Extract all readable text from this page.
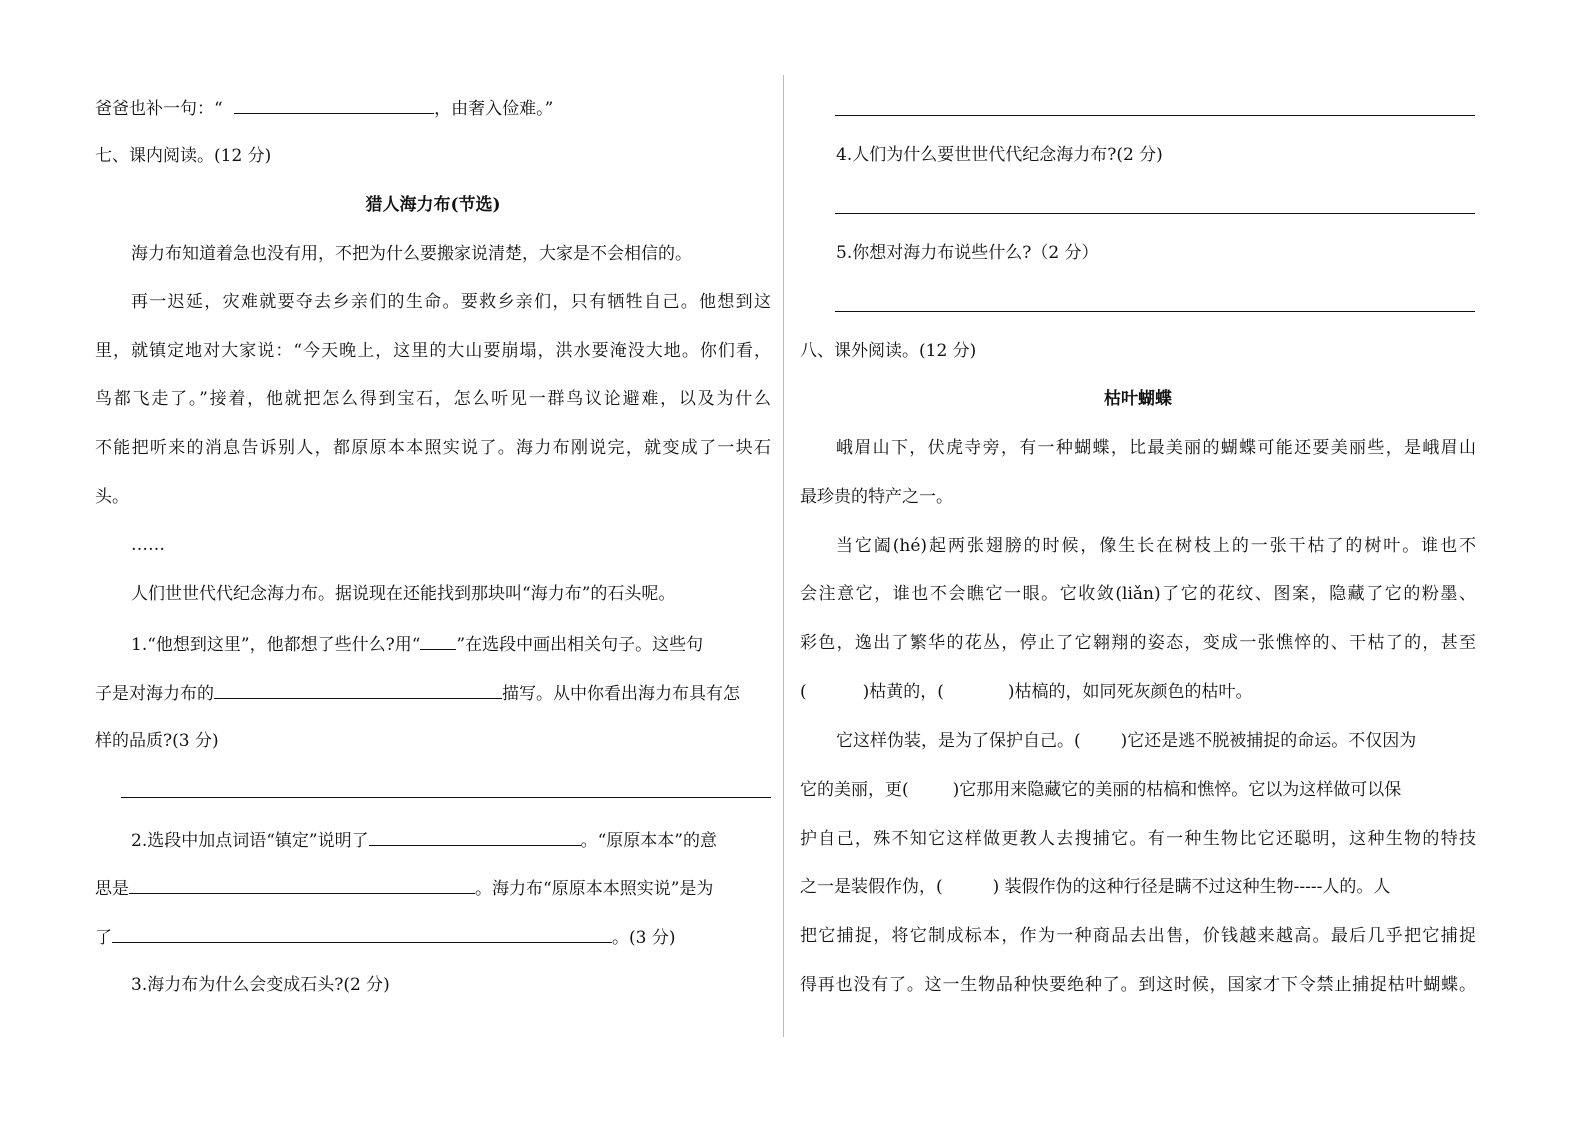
爸爸也补一句：“	，由奢入俭难。”
七、课内阅读。(12 分)
猎人海力布(节选)
海力布知道着急也没有用，不把为什么要搬家说清楚，大家是不会相信的。
再一迟延，灾难就要夺去乡亲们的生命。要救乡亲们，只有牺牲自己。他想到这
里，就镇定地对大家说：“今天晚上，这里的大山要崩塌，洪水要淹没大地。你们看，
鸟都飞走了。”接着，他就把怎么得到宝石，怎么听见一群鸟议论避难，以及为什么
不能把听来的消息告诉别人，都原原本本照实说了。海力布刚说完，就变成了一块石
头。
……
人们世世代代纪念海力布。据说现在还能找到那块叫“海力布”的石头呢。
1.“他想到这里”，他都想了些什么?用“ ”在选段中画出相关句子。这些句
子是对海力布的	描写。从中你看出海力布具有怎
样的品质?(3 分)
2.选段中加点词语“镇定”说明了	。“原原本本”的意
思是	。海力布“原原本本照实说”是为
了	。(3 分)
3.海力布为什么会变成石头?(2 分)
4.人们为什么要世世代代纪念海力布?(2 分)
5.你想对海力布说些什么?（2 分）
八、课外阅读。(12 分)
枯叶蝴蝶
峨眉山下，伏虎寺旁，有一种蝴蝶，比最美丽的蝴蝶可能还要美丽些，是峨眉山
最珍贵的特产之一。
当它阖(hé)起两张翅膀的时候，像生长在树枝上的一张干枯了的树叶。谁也不
会注意它，谁也不会瞧它一眼。它收敛(liǎn)了它的花纹、图案，隐藏了它的粉墨、
彩色，逸出了繁华的花丛，停止了它翱翔的姿态，变成一张憔悴的、干枯了的，甚至
(	)枯黄的，(	)枯槁的，如同死灰颜色的枯叶。
它这样伪装，是为了保护自己。( )它还是逃不脱被捕捉的命运。不仅因为
它的美丽，更(	)它那用来隐藏它的美丽的枯槁和憔悴。它以为这样做可以保
护自己，殊不知它这样做更教人去搜捕它。有一种生物比它还聪明，这种生物的特技
之一是装假作伪，(	) 装假作伪的这种行径是瞒不过这种生物-----人的。人
把它捕捉，将它制成标本，作为一种商品去出售，价钱越来越高。最后几乎把它捕捉
得再也没有了。这一生物品种快要绝种了。到这时候，国家才下令禁止捕捉枯叶蝴蝶。
